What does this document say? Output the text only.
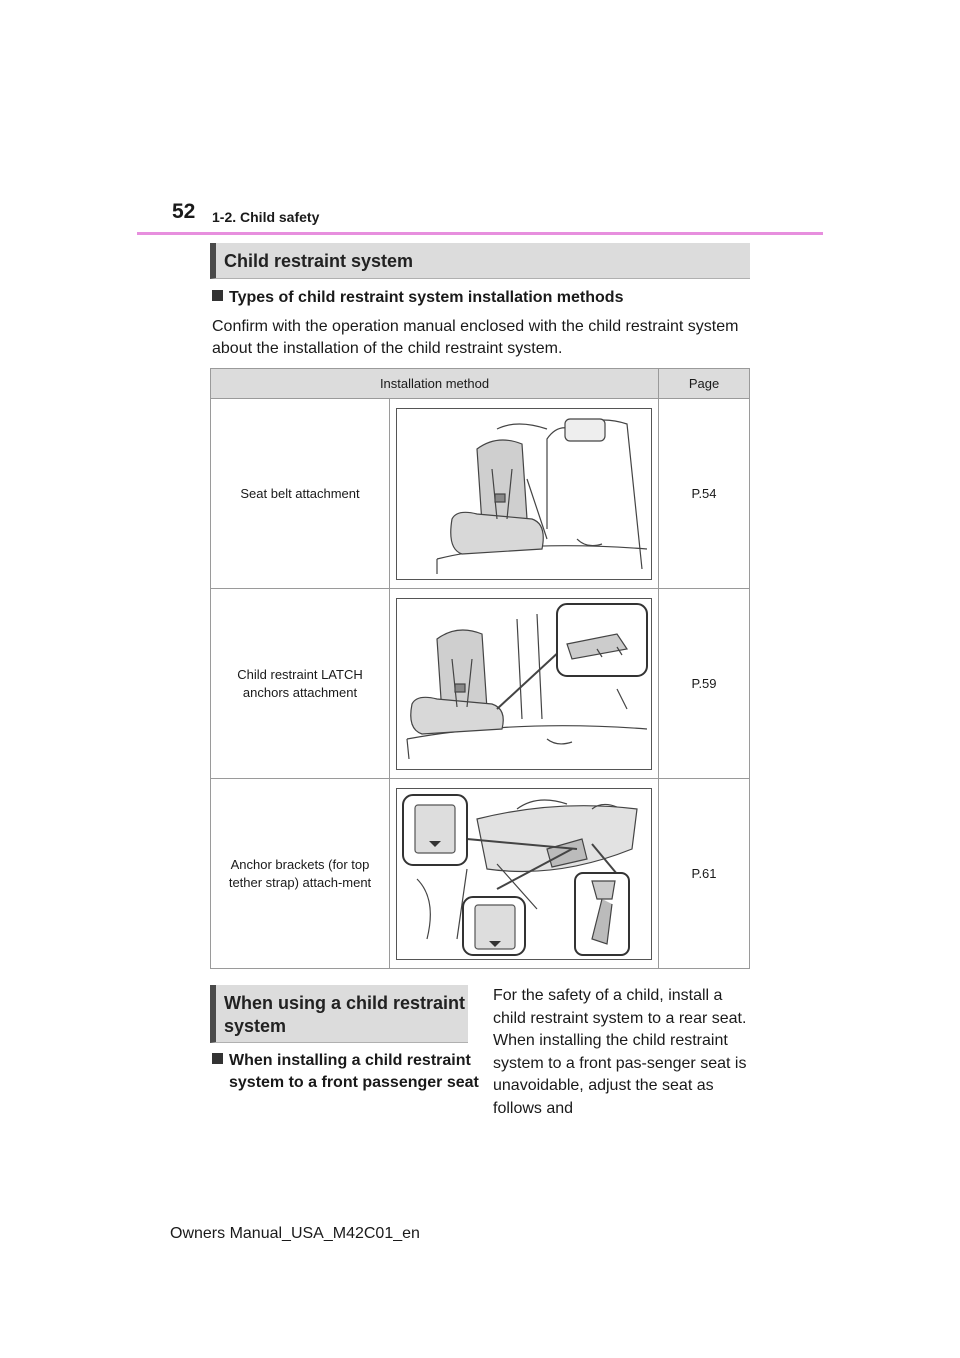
52 1-2. Child safety
Child restraint system
Types of child restraint system installation methods
Confirm with the operation manual enclosed with the child restraint system about the installation of the child restraint system.
Installation method		Page
Seat belt attachment		P.54
Child restraint LATCH anchors attachment		P.59
Anchor brackets (for top tether strap) attach-ment		P.61
When using a child restraint system
When installing a child restraint system to a front passenger seat
For the safety of a child, install a child restraint system to a rear seat. When installing the child restraint system to a front pas-senger seat is unavoidable, adjust the seat as follows and
Owners Manual_USA_M42C01_en
